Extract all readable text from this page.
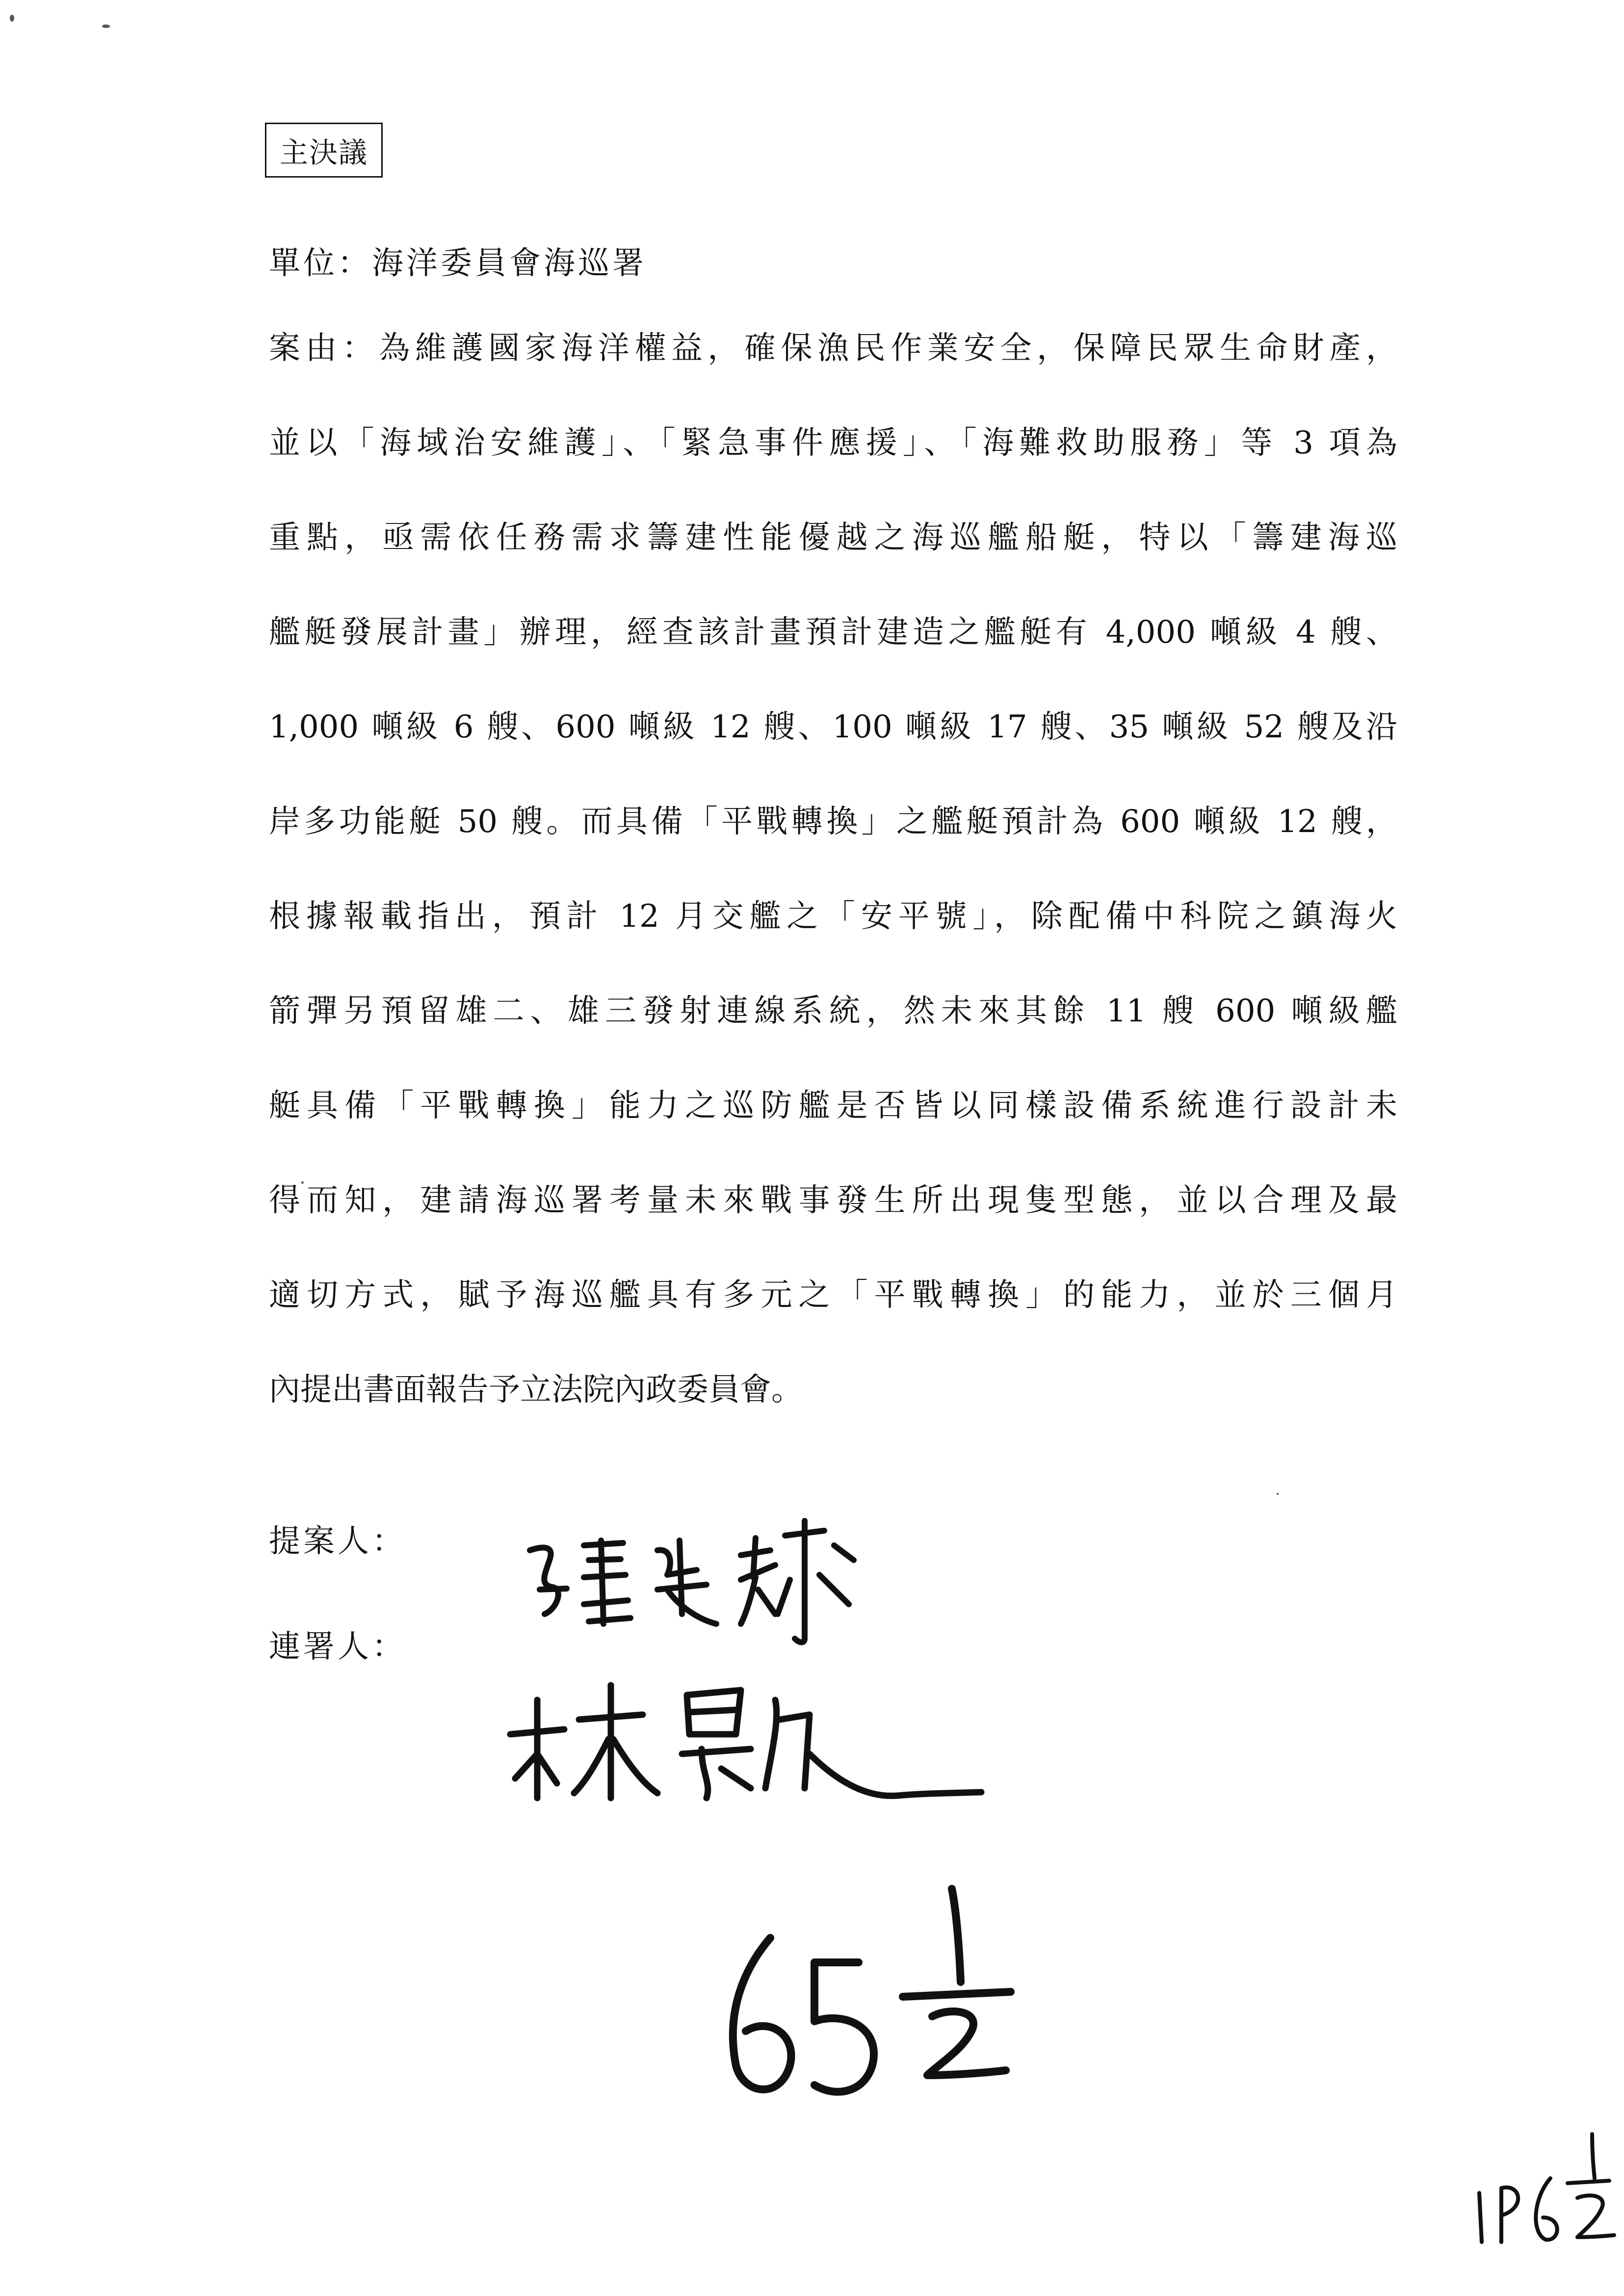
主決議
單位：海洋委員會海巡署
案由：為維護國家海洋權益，確保漁民作業安全，保障民眾生命財產，
並以「海域治安維護」、「緊急事件應援」、「海難救助服務」等 3 項為
重點，亟需依任務需求籌建性能優越之海巡艦船艇，特以「籌建海巡
艦艇發展計畫」辦理，經查該計畫預計建造之艦艇有 4,000 噸級 4 艘、
1,000 噸級 6 艘、600 噸級 12 艘、100 噸級 17 艘、35 噸級 52 艘及沿
岸多功能艇 50 艘。而具備「平戰轉換」之艦艇預計為 600 噸級 12 艘，
根據報載指出，預計 12 月交艦之「安平號」，除配備中科院之鎮海火
箭彈另預留雄二、雄三發射連線系統，然未來其餘 11 艘 600 噸級艦
艇具備「平戰轉換」能力之巡防艦是否皆以同樣設備系統進行設計未
得而知，建請海巡署考量未來戰事發生所出現隻型態，並以合理及最
適切方式，賦予海巡艦具有多元之「平戰轉換」的能力，並於三個月
內提出書面報告予立法院內政委員會。
提案人：
連署人：
